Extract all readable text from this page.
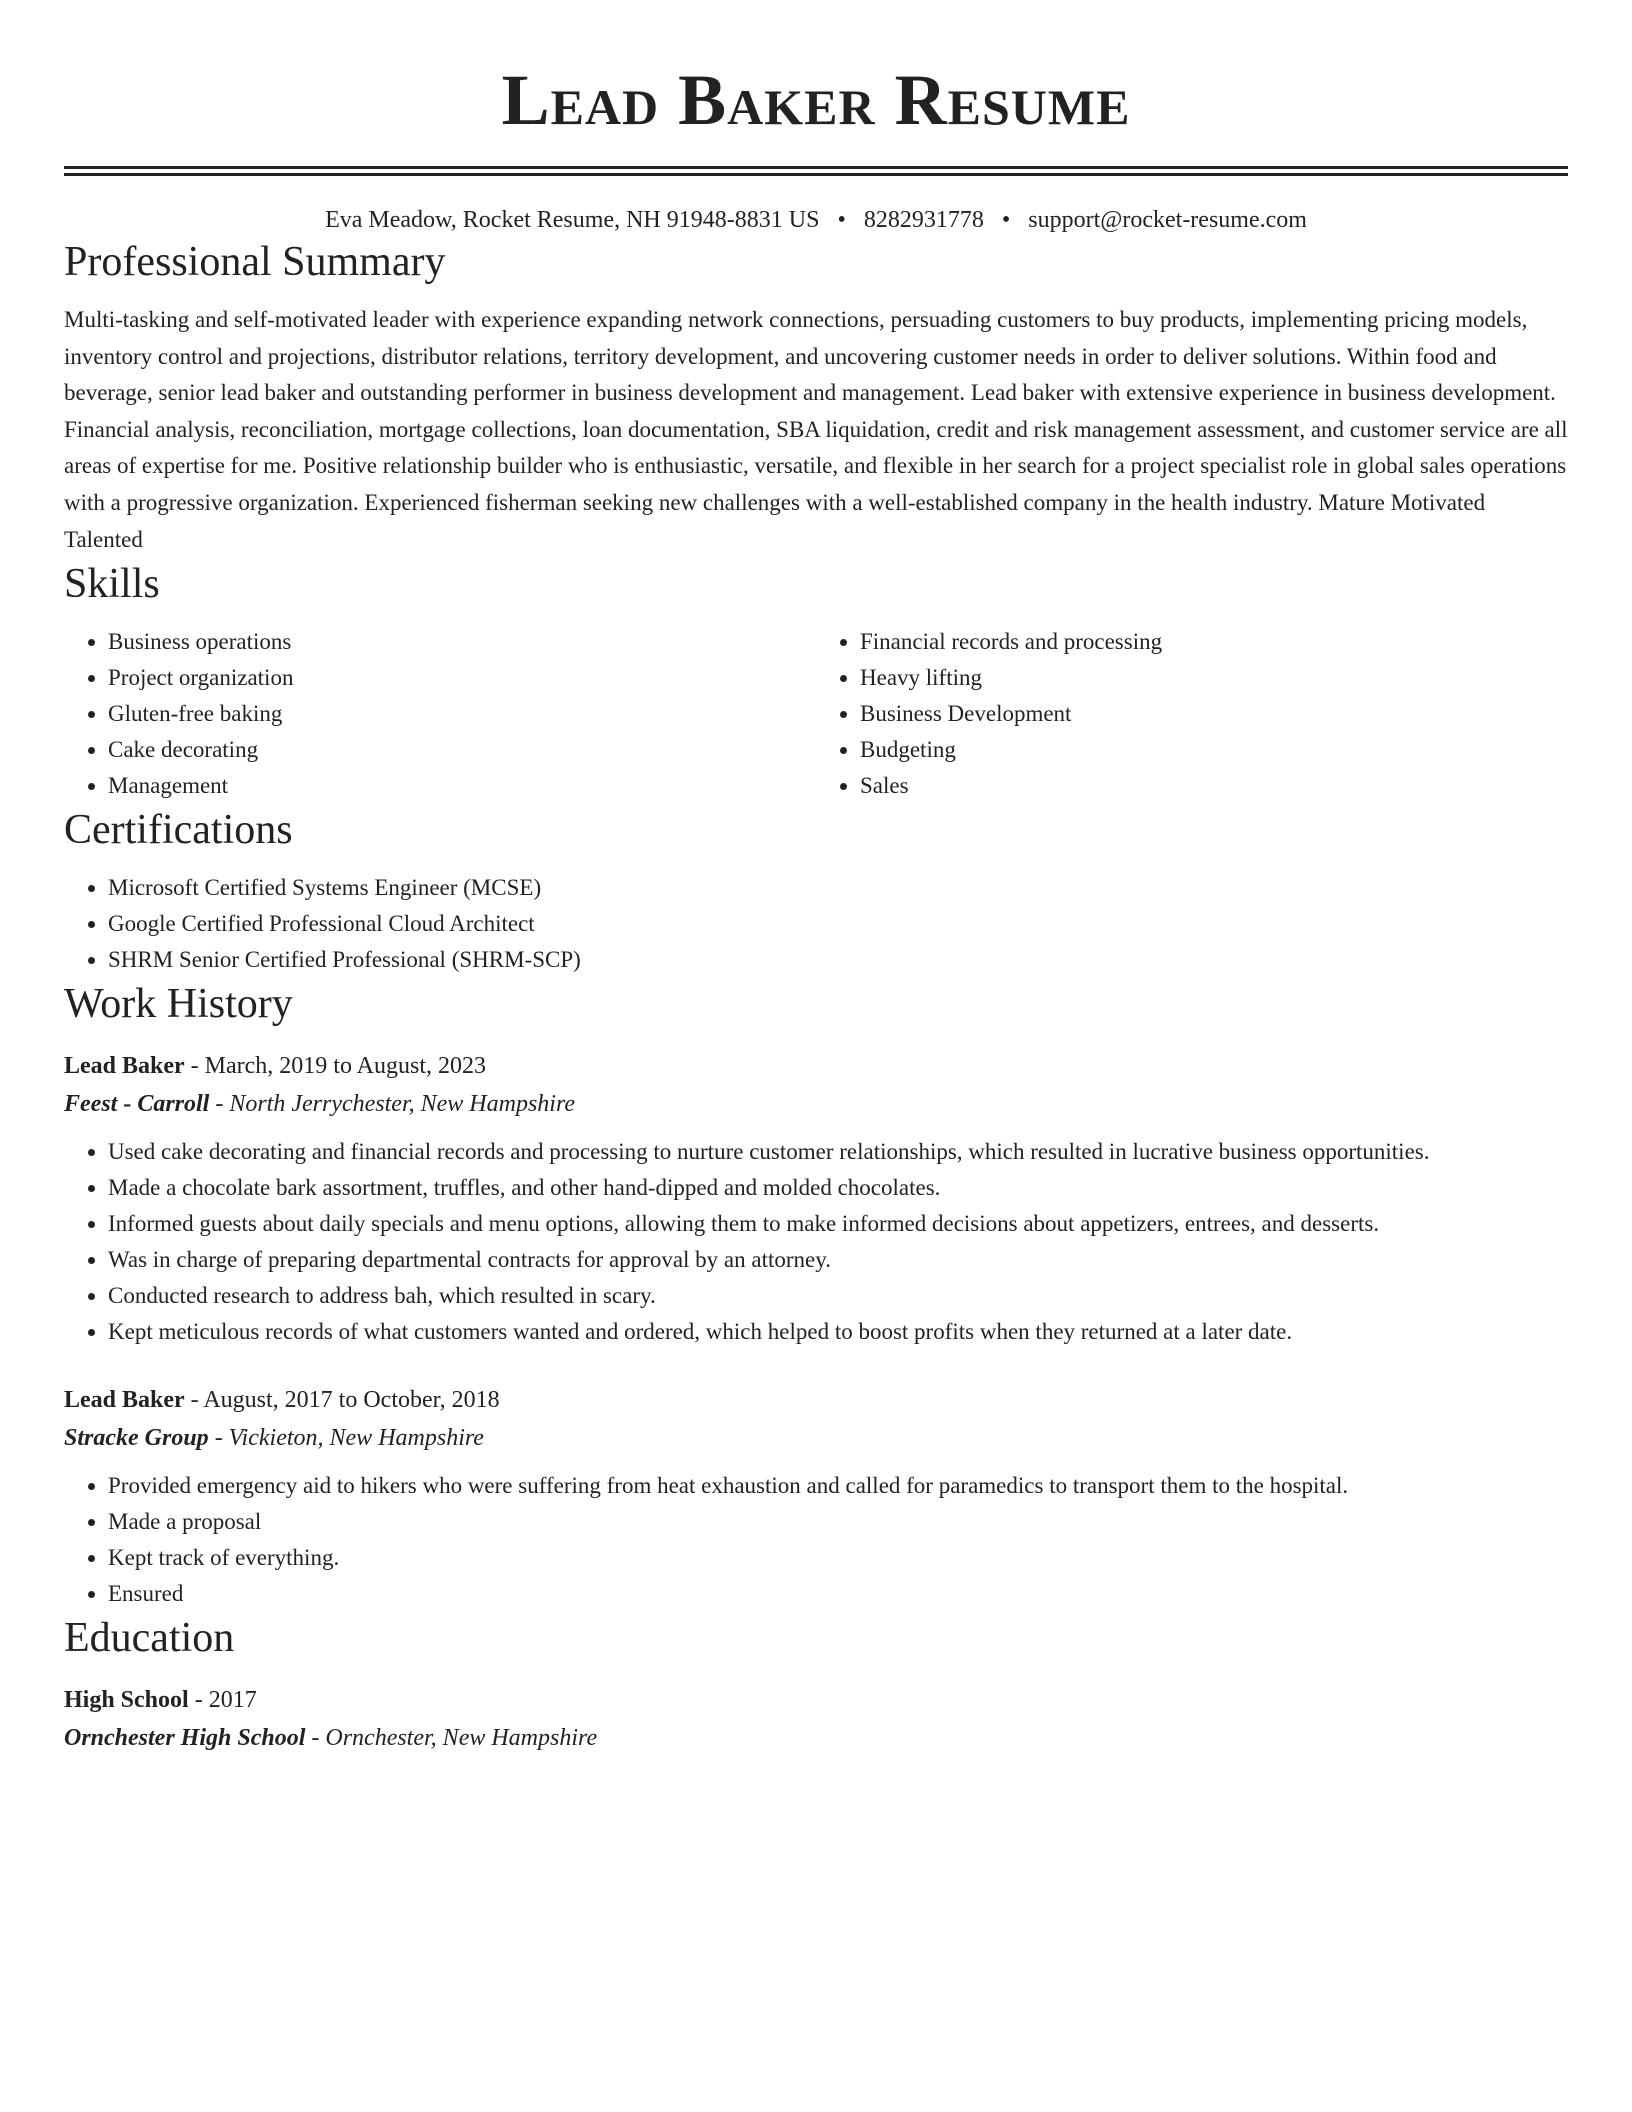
Lead Baker Resume
Eva Meadow, Rocket Resume, NH 91948-8831 US • 8282931778 • support@rocket-resume.com
Professional Summary

Multi-tasking and self-motivated leader with experience expanding network connections, persuading customers to buy products, implementing pricing models, inventory control and projections, distributor relations, territory development, and uncovering customer needs in order to deliver solutions. Within food and beverage, senior lead baker and outstanding performer in business development and management. Lead baker with extensive experience in business development. Financial analysis, reconciliation, mortgage collections, loan documentation, SBA liquidation, credit and risk management assessment, and customer service are all areas of expertise for me. Positive relationship builder who is enthusiastic, versatile, and flexible in her search for a project specialist role in global sales operations with a progressive organization. Experienced fisherman seeking new challenges with a well-established company in the health industry. Mature Motivated Talented

Skills
• Business operations
• Project organization
• Gluten-free baking
• Cake decorating
• Management
• Financial records and processing
• Heavy lifting
• Business Development
• Budgeting
• Sales
Certifications
• Microsoft Certified Systems Engineer (MCSE)
• Google Certified Professional Cloud Architect
• SHRM Senior Certified Professional (SHRM-SCP)
Work History
Lead Baker - March, 2019 to August, 2023
Feest - Carroll - North Jerrychester, New Hampshire
• Used cake decorating and financial records and processing to nurture customer relationships, which resulted in lucrative business opportunities.
• Made a chocolate bark assortment, truffles, and other hand-dipped and molded chocolates.
• Informed guests about daily specials and menu options, allowing them to make informed decisions about appetizers, entrees, and desserts.
• Was in charge of preparing departmental contracts for approval by an attorney.
• Conducted research to address bah, which resulted in scary.
• Kept meticulous records of what customers wanted and ordered, which helped to boost profits when they returned at a later date.
Lead Baker - August, 2017 to October, 2018
Stracke Group - Vickieton, New Hampshire
• Provided emergency aid to hikers who were suffering from heat exhaustion and called for paramedics to transport them to the hospital.
• Made a proposal
• Kept track of everything.
• Ensured
Education
High School - 2017
Ornchester High School - Ornchester, New Hampshire
